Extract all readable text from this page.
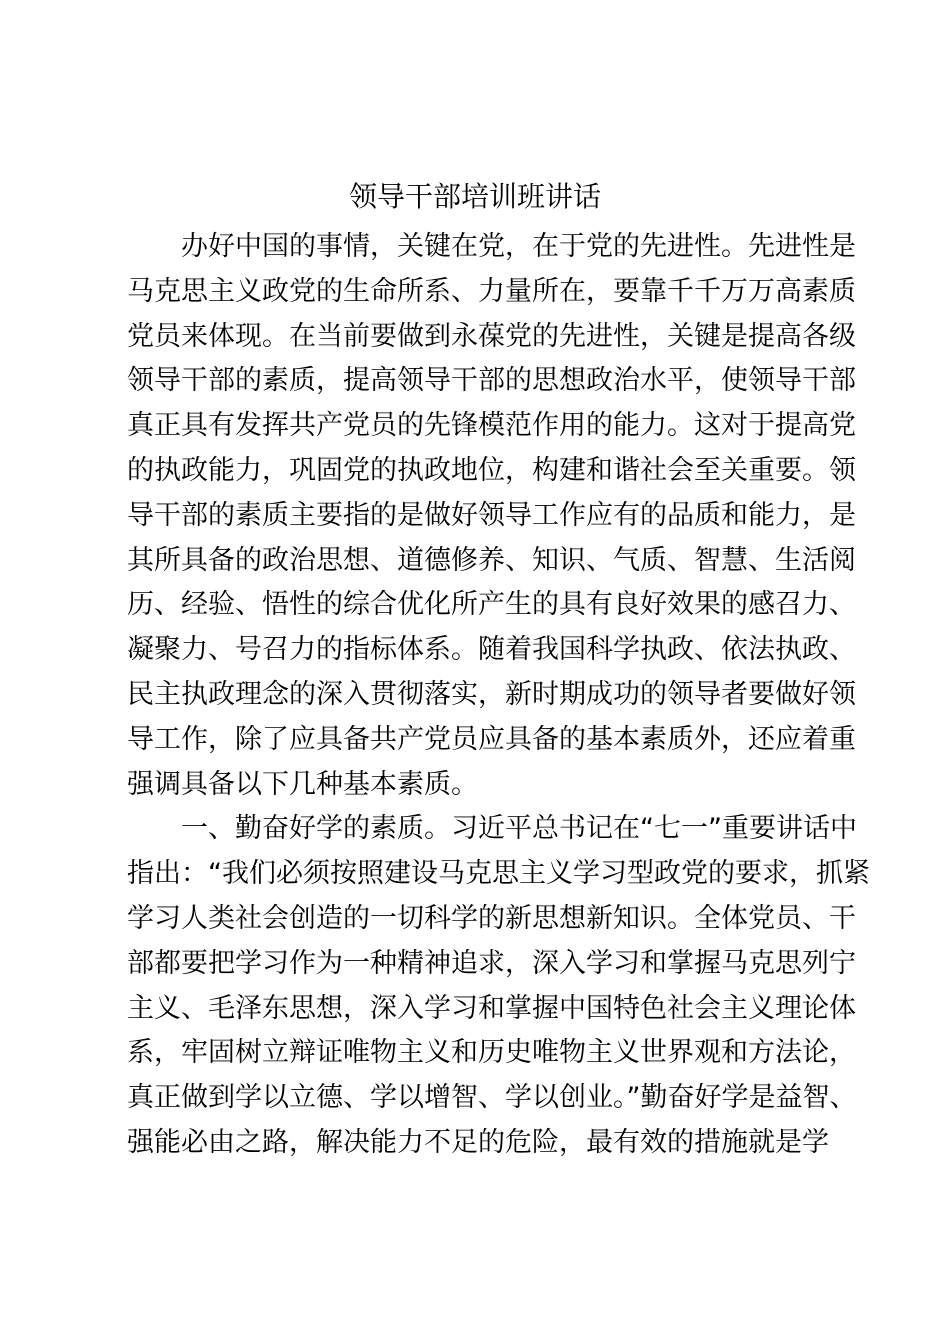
领导干部培训班讲话
办好中国的事情，关键在党，在于党的先进性。先进性是
马克思主义政党的生命所系、力量所在，要靠千千万万高素质
党员来体现。在当前要做到永葆党的先进性，关键是提高各级
领导干部的素质，提高领导干部的思想政治水平，使领导干部
真正具有发挥共产党员的先锋模范作用的能力。这对于提高党
的执政能力，巩固党的执政地位，构建和谐社会至关重要。领
导干部的素质主要指的是做好领导工作应有的品质和能力，是
其所具备的政治思想、道德修养、知识、气质、智慧、生活阅
历、经验、悟性的综合优化所产生的具有良好效果的感召力、
凝聚力、号召力的指标体系。随着我国科学执政、依法执政、
民主执政理念的深入贯彻落实，新时期成功的领导者要做好领
导工作，除了应具备共产党员应具备的基本素质外，还应着重
强调具备以下几种基本素质。
一、勤奋好学的素质。习近平总书记在“七一”重要讲话中
指出：“我们必须按照建设马克思主义学习型政党的要求，抓紧
学习人类社会创造的一切科学的新思想新知识。全体党员、干
部都要把学习作为一种精神追求，深入学习和掌握马克思列宁
主义、毛泽东思想，深入学习和掌握中国特色社会主义理论体
系，牢固树立辩证唯物主义和历史唯物主义世界观和方法论，
真正做到学以立德、学以增智、学以创业。”勤奋好学是益智、
强能必由之路，解决能力不足的危险，最有效的措施就是学
